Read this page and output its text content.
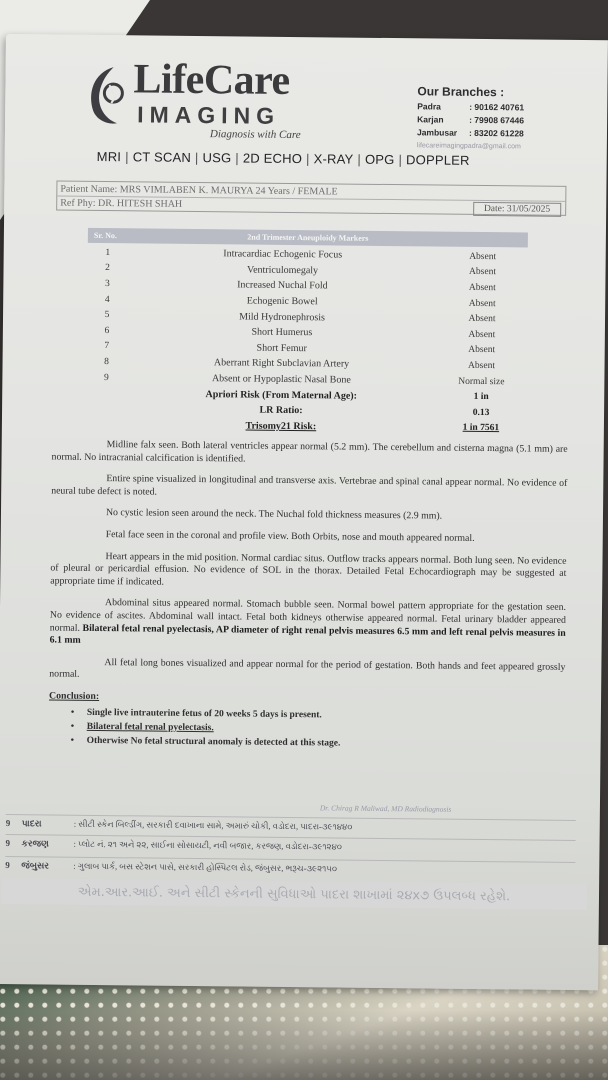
LifeCare
IMAGING
Diagnosis with Care
Our Branches :
Padra	: 90162 40761
Karjan	: 79908 67446
Jambusar	: 83202 61228
lifecareimagingpadra@gmail.com
MRI | CT SCAN | USG | 2D ECHO | X-RAY | OPG | DOPPLER
Patient Name: MRS VIMLABEN K. MAURYA 24 Years / FEMALE
Ref Phy: DR. HITESH SHAH	Date: 31/05/2025
Sr. No.	2nd Trimester Aneuploidy Markers
1	Intracardiac Echogenic Focus	Absent
2	Ventriculomegaly	Absent
3	Increased Nuchal Fold	Absent
4	Echogenic Bowel	Absent
5	Mild Hydronephrosis	Absent
6	Short Humerus	Absent
7	Short Femur	Absent
8	Aberrant Right Subclavian Artery	Absent
9	Absent or Hypoplastic Nasal Bone	Normal size
Apriori Risk (From Maternal Age):	1 in
LR Ratio:	0.13
Trisomy21 Risk:	1 in 7561

Midline falx seen. Both lateral ventricles appear normal (5.2 mm). The cerebellum and cisterna magna (5.1 mm) are normal. No intracranial calcification is identified.

Entire spine visualized in longitudinal and transverse axis. Vertebrae and spinal canal appear normal. No evidence of neural tube defect is noted.

No cystic lesion seen around the neck. The Nuchal fold thickness measures (2.9 mm).

Fetal face seen in the coronal and profile view. Both Orbits, nose and mouth appeared normal.

Heart appears in the mid position. Normal cardiac situs. Outflow tracks appears normal. Both lung seen. No evidence of pleural or pericardial effusion. No evidence of SOL in the thorax. Detailed Fetal Echocardiograph may be suggested at appropriate time if indicated.

Abdominal situs appeared normal. Stomach bubble seen. Normal bowel pattern appropriate for the gestation seen. No evidence of ascites. Abdominal wall intact. Fetal both kidneys otherwise appeared normal. Fetal urinary bladder appeared normal. Bilateral fetal renal pyelectasis, AP diameter of right renal pelvis measures 6.5 mm and left renal pelvis measures in 6.1 mm

All fetal long bones visualized and appear normal for the period of gestation. Both hands and feet appeared grossly normal.

Conclusion:
• Single live intrauterine fetus of 20 weeks 5 days is present.
• Bilateral fetal renal pyelectasis.
• Otherwise No fetal structural anomaly is detected at this stage.
Dr. Chirag R Maliwad, MD Radiodiagnosis
9	પાદરા	: સીટી સ્કેન બિલ્ડીંગ, સરકારી દવાખાના સામે, અમારું ચોકી, વડોદરા, પાદરા-૩૯૧૪૪૦
9	કરજણ	: પ્લોટ નં. ૨૧ અને ૨૨, સાઈના સોસાયટી, નવી બજાર, કરજણ, વડોદરા-૩૯૧૨૪૦
9	જંબુસર	: ગુલાબ પાર્ક, બસ સ્ટેશન પાસે, સરકારી હોસ્પિટલ રોડ, જંબુસર, ભરૂચ-૩૯૨૧૫૦
એમ.આર.આઈ. અને સીટી સ્કેનની સુવિધાઓ પાદરા શાખામાં ૨૪x૭ ઉપલબ્ધ રહેશે.
